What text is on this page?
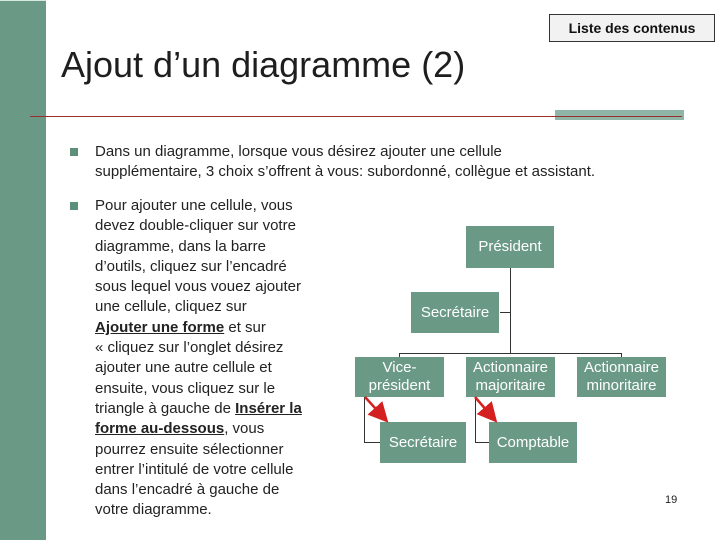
Liste des contenus
Ajout d’un diagramme (2)
Dans un diagramme, lorsque vous désirez ajouter une cellule
supplémentaire, 3 choix s’offrent à vous: subordonné, collègue et assistant.
Pour ajouter une cellule, vous
devez double-cliquer sur votre
diagramme, dans la barre
d’outils, cliquez sur l’encadré
sous lequel vous vouez ajouter
une cellule, cliquez sur
Ajouter une forme et sur
« cliquez sur l’onglet désirez
ajouter une autre cellule et
ensuite, vous cliquez sur le
triangle à gauche de Insérer la
forme au-dessous, vous
pourrez ensuite sélectionner
entrer l’intitulé de votre cellule
dans l’encadré à gauche de
votre diagramme.
Président
Secrétaire
Vice-
président
Actionnaire
majoritaire
Actionnaire
minoritaire
Secrétaire	Comptable
19
